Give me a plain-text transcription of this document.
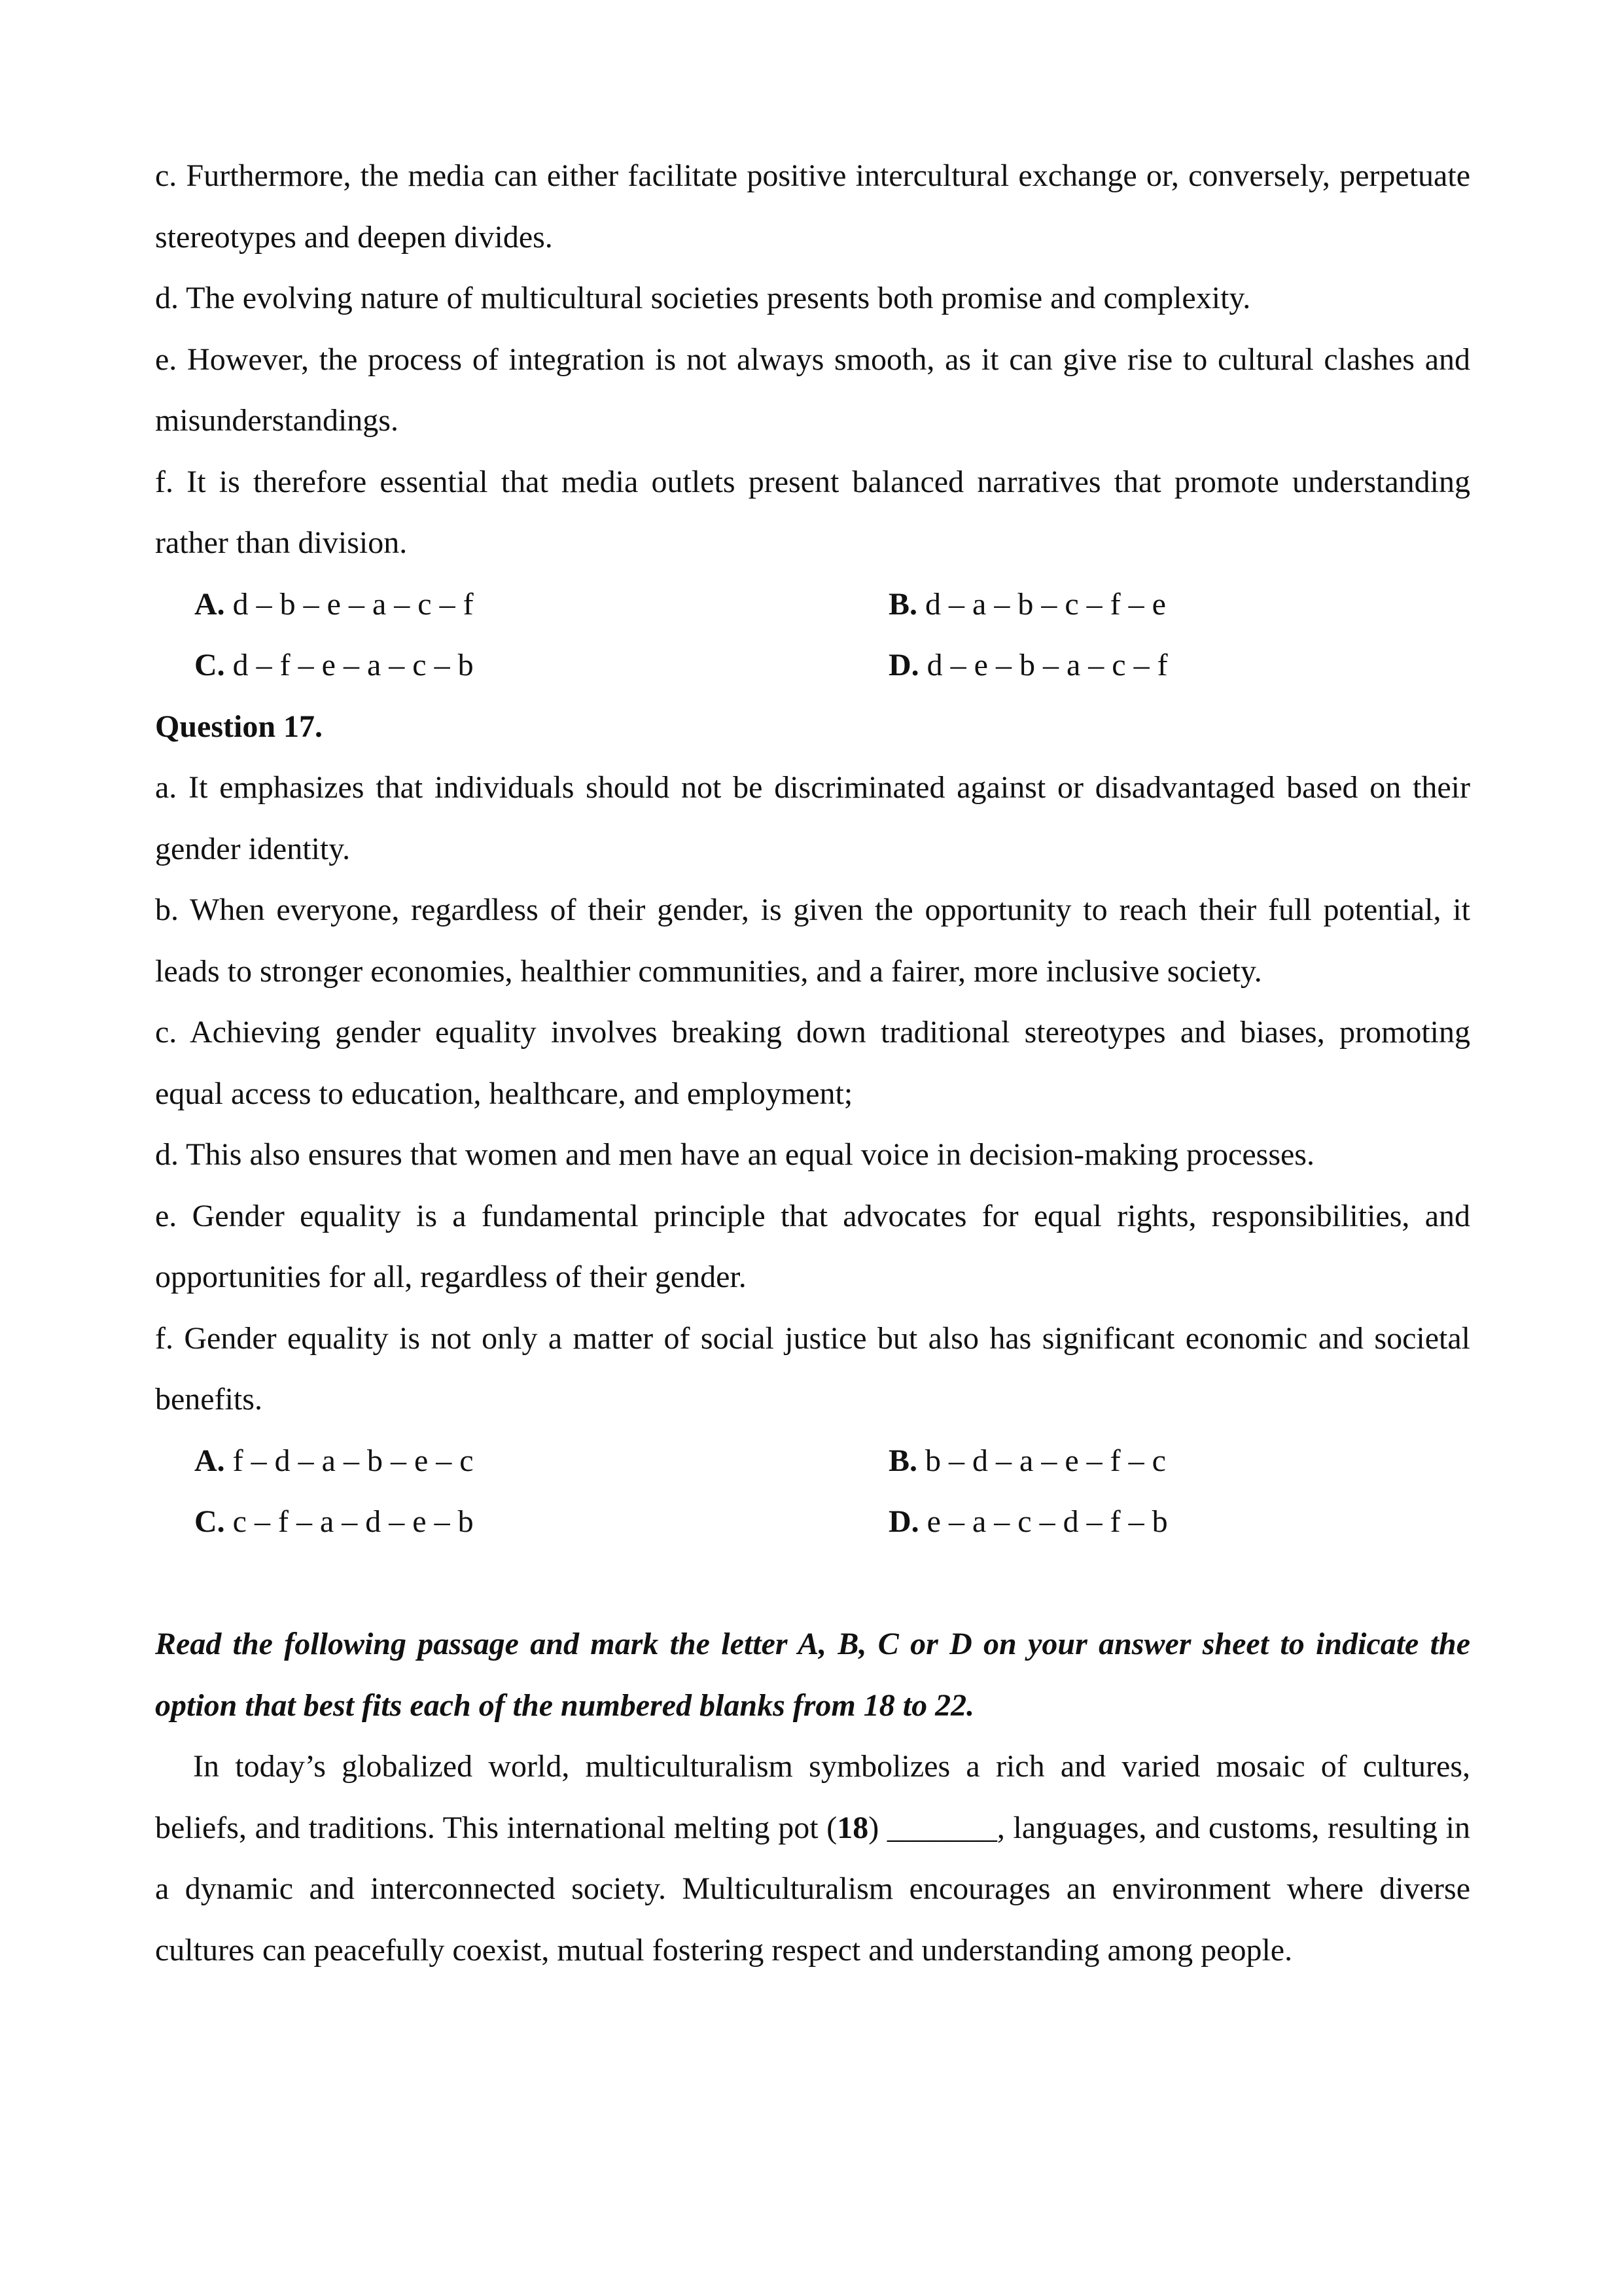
c. Furthermore, the media can either facilitate positive intercultural exchange or, conversely, perpetuate stereotypes and deepen divides.

d. The evolving nature of multicultural societies presents both promise and complexity.

e. However, the process of integration is not always smooth, as it can give rise to cultural clashes and misunderstandings.

f. It is therefore essential that media outlets present balanced narratives that promote understanding rather than division.

A. d – b – e – a – c – f	B. d – a – b – c – f – e
C. d – f – e – a – c – b	D. d – e – b – a – c – f

Question 17.

a. It emphasizes that individuals should not be discriminated against or disadvantaged based on their gender identity.

b. When everyone, regardless of their gender, is given the opportunity to reach their full potential, it leads to stronger economies, healthier communities, and a fairer, more inclusive society.

c. Achieving gender equality involves breaking down traditional stereotypes and biases, promoting equal access to education, healthcare, and employment;

d. This also ensures that women and men have an equal voice in decision-making processes.

e. Gender equality is a fundamental principle that advocates for equal rights, responsibilities, and opportunities for all, regardless of their gender.

f. Gender equality is not only a matter of social justice but also has significant economic and societal benefits.

A. f – d – a – b – e – c	B. b – d – a – e – f – c
C. c – f – a – d – e – b	D. e – a – c – d – f – b

Read the following passage and mark the letter A, B, C or D on your answer sheet to indicate the option that best fits each of the numbered blanks from 18 to 22.

In today’s globalized world, multiculturalism symbolizes a rich and varied mosaic of cultures, beliefs, and traditions. This international melting pot (18) _______, languages, and customs, resulting in a dynamic and interconnected society. Multiculturalism encourages an environment where diverse cultures can peacefully coexist, mutual fostering respect and understanding among people.
